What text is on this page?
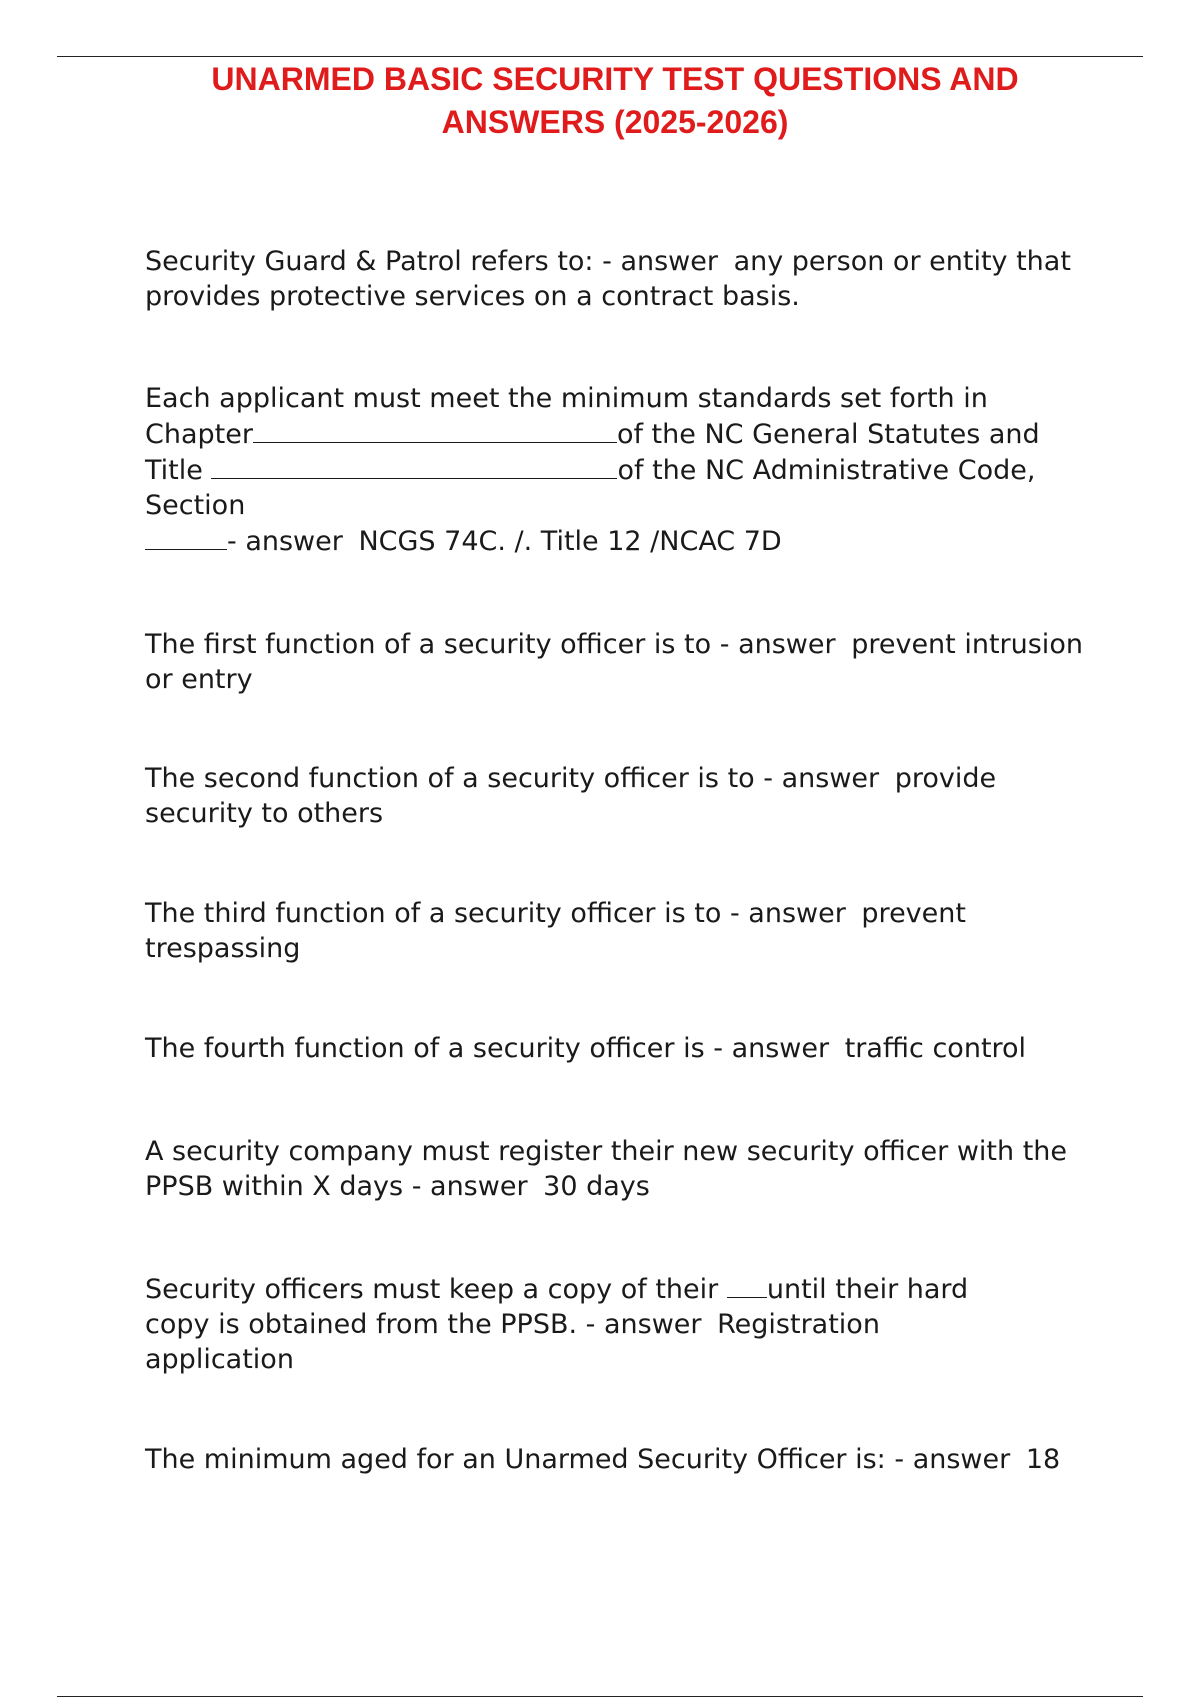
UNARMED BASIC SECURITY TEST QUESTIONS AND
ANSWERS (2025-2026)

Security Guard & Patrol refers to: - answer any person or entity that
provides protective services on a contract basis.

Each applicant must meet the minimum standards set forth in
Chapter	of the NC General Statutes and
Title	of the NC Administrative Code,
Section
- answer NCGS 74C. /. Title 12 /NCAC 7D

The first function of a security officer is to - answer prevent intrusion
or entry

The second function of a security officer is to - answer provide
security to others

The third function of a security officer is to - answer prevent
trespassing

The fourth function of a security officer is - answer traffic control

A security company must register their new security officer with the
PPSB within X days - answer 30 days

Security officers must keep a copy of their until their hard
copy is obtained from the PPSB. - answer Registration
application

The minimum aged for an Unarmed Security Officer is: - answer 18
